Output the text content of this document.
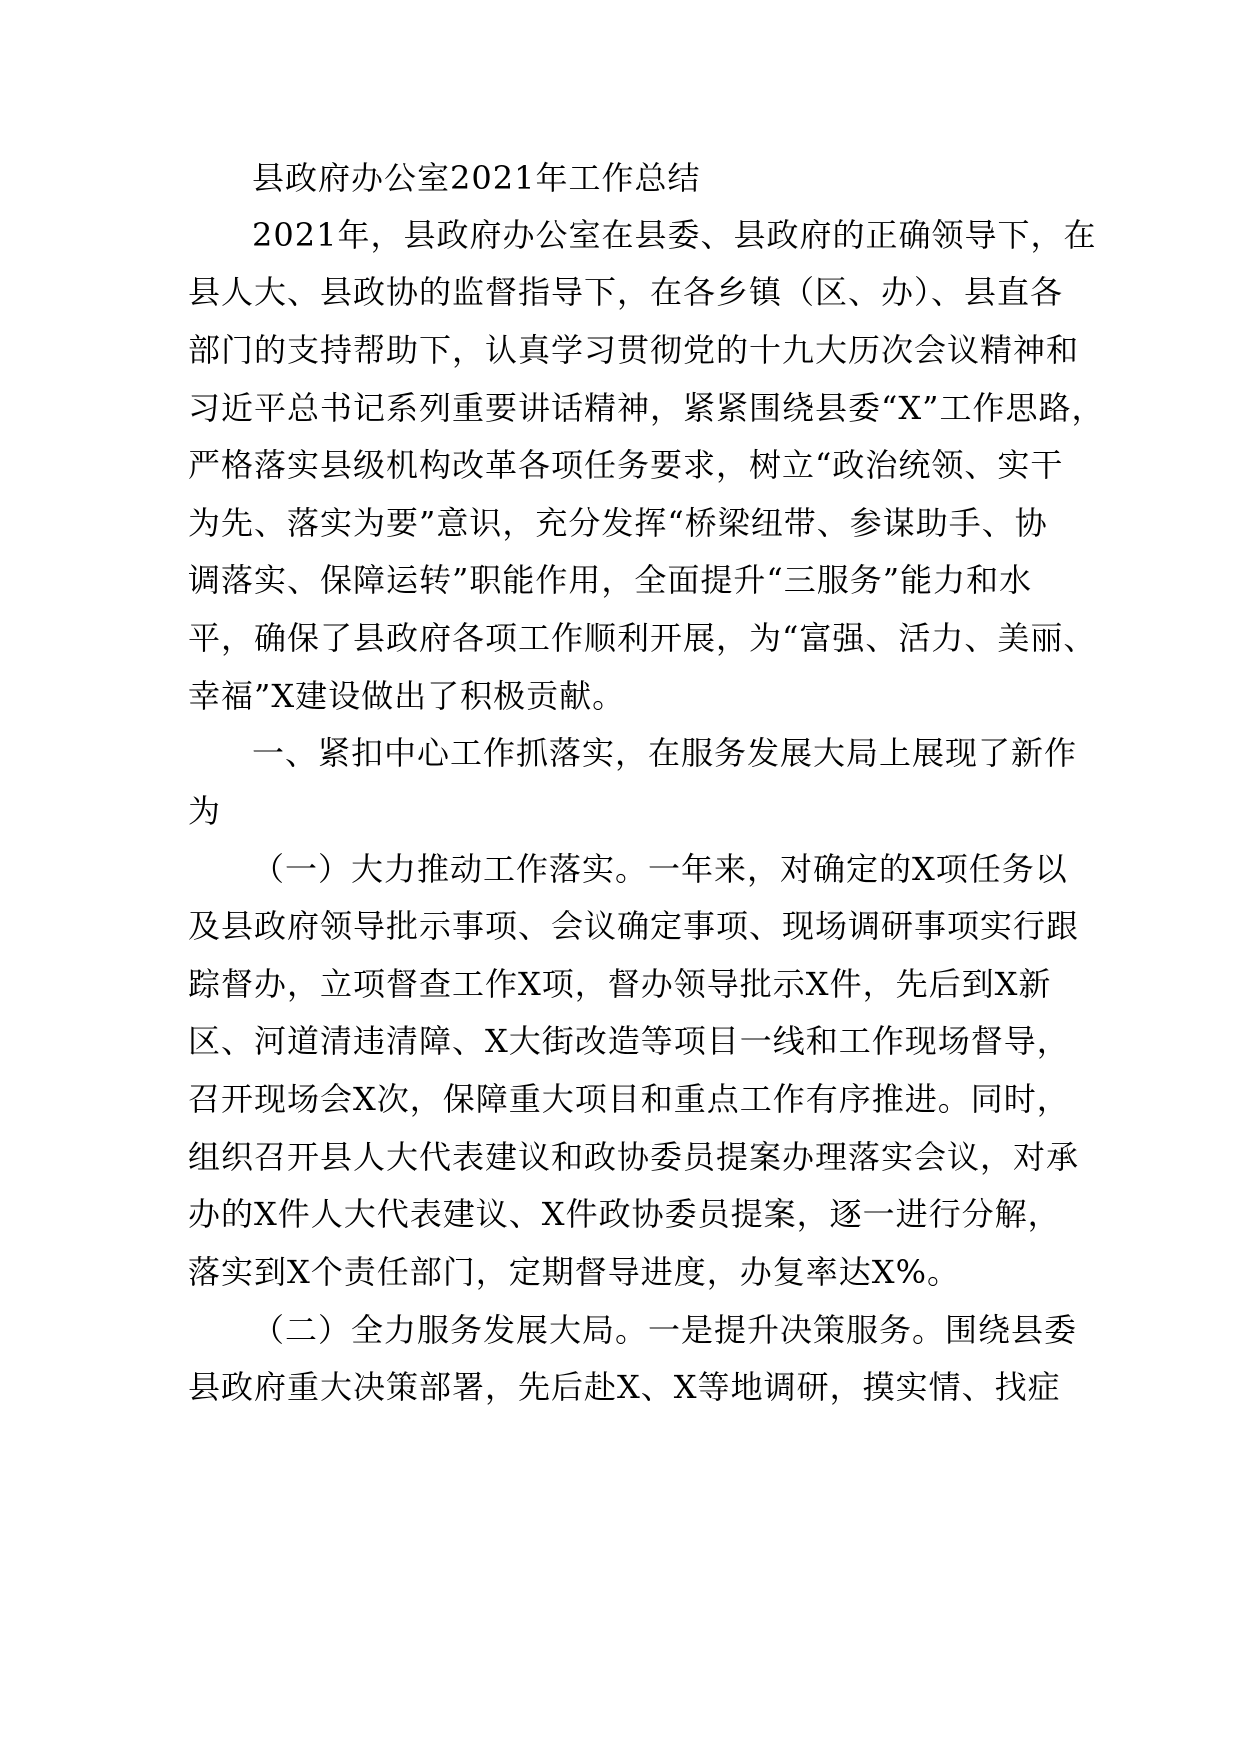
县政府办公室2021年工作总结
2021年，县政府办公室在县委、县政府的正确领导下，在
县人大、县政协的监督指导下，在各乡镇（区、办）、县直各
部门的支持帮助下，认真学习贯彻党的十九大历次会议精神和
习近平总书记系列重要讲话精神，紧紧围绕县委“X”工作思路，
严格落实县级机构改革各项任务要求，树立“政治统领、实干
为先、落实为要”意识，充分发挥“桥梁纽带、参谋助手、协
调落实、保障运转”职能作用，全面提升“三服务”能力和水
平，确保了县政府各项工作顺利开展，为“富强、活力、美丽、
幸福”X建设做出了积极贡献。
一、紧扣中心工作抓落实，在服务发展大局上展现了新作
为
（一）大力推动工作落实。一年来，对确定的X项任务以
及县政府领导批示事项、会议确定事项、现场调研事项实行跟
踪督办，立项督查工作X项，督办领导批示X件，先后到X新
区、河道清违清障、X大街改造等项目一线和工作现场督导，
召开现场会X次，保障重大项目和重点工作有序推进。同时，
组织召开县人大代表建议和政协委员提案办理落实会议，对承
办的X件人大代表建议、X件政协委员提案，逐一进行分解，
落实到X个责任部门，定期督导进度，办复率达X%。
（二）全力服务发展大局。一是提升决策服务。围绕县委
县政府重大决策部署，先后赴X、X等地调研，摸实情、找症
